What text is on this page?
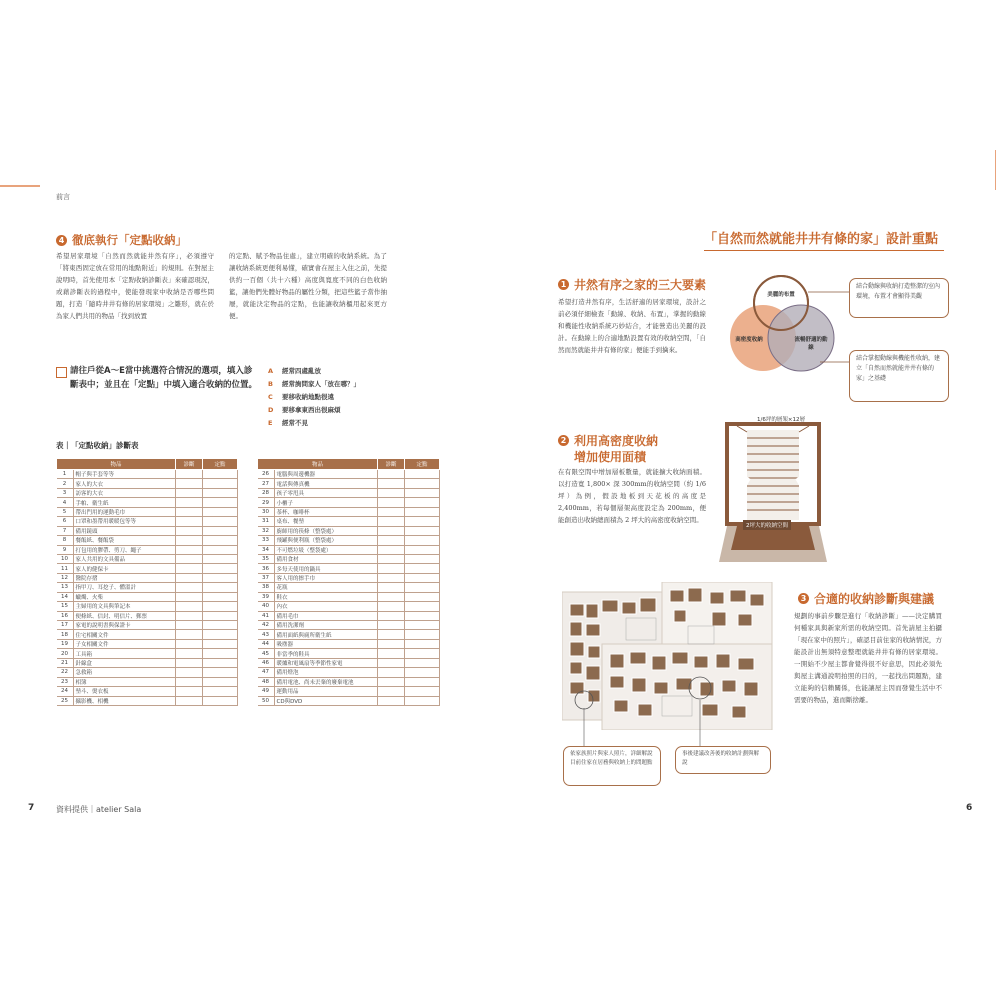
前言
4 徹底執行「定點收納」
希望居家環境「自然而然就能井然有序」，必須遵守「將東西固定放在常用的地點附近」的規則。在對屋主說明時，首先使用本「定點收納診斷表」來確認現況，或藉診斷表的過程中，使能發現家中收納是否哪些問題，打造「隨時井井有條的居家環境」之雛形，就在於為家人們共用的物品「找到放置
的定點、賦予物品住處」，建立明確的收納系統。為了讓收納系統更便利易懂，確實會在屋主入住之前，先提供約一百個（共十六種）高度與寬度不同的白色收納籃，讓他們先體好物品的屬性分類，把這些籃子當作抽屜，就能決定物品的定點，也能讓收納櫃用起來更方便。
請往戶從A～E當中挑選符合情況的選項，填入診斷表中；並且在「定點」中填入適合收納的位置。
A	經常四處亂放
B	經常詢問家人「放在哪？」
C	要移收納地點很遠
D	要移拿東西出很麻煩
E	經常不見
表｜「定點收納」診斷表
物品		診斷	定點
1	帽子與手套等等		
2	家人的大衣		
3	訪客的大衣		
4	手帕、衛生紙		
5	帶出門用的運動毛巾		
6	口罩和墨帶用暖暖包等等		
7	備用鏡頭		
8	餐飯紙、餐飯袋		
9	打包用的膠帶、剪刀、繩子		
10	家人共用的文具備品		
11	家人的健保卡		
12	醫院存摺		
13	指甲刀、耳挖子、體溫計		
14	蠟燭、火柴		
15	主婦用的文具與筆記本		
16	便條紙、信封、明信片、郵票		
17	家電的說明書與保證卡		
18	住宅相關文件		
19	子女相關文件		
20	工具箱		
21	針線盒		
22	急救箱		
23	相簿		
24	墊斗、燙衣板		
25	攝影機、相機		
物品		診斷	定點
26	電腦與周邊機器		
27	電話與傳真機		
28	孩子零甩具		
29	小櫃子		
30	茶杯、咖啡杯		
31	桌布、餐墊		
32	廚師用的筷條（整袋處）		
33	飛罐與便利瓶（整袋處）		
34	不可燃垃圾（整袋處）		
35	備用食材		
36	多每天使用的鍋具		
37	客人用的擦手巾		
38	花瓶		
39	鞋衣		
40	內衣		
41	備用毛巾		
42	備用洗潔劑		
43	備用面紙與廁所衛生紙		
44	吸塵器		
45	非當季的鞋具		
46	暖爐和電風扇等季節性家電		
47	備用燈泡		
48	備用電池、尚未丟棄的廢棄電池		
49	運動用品		
50	CD與DVD		
7	資料提供｜atelier Sala
「自然而然就能井井有條的家」設計重點
1 井然有序之家的三大要素
希望打造井然有序，生活舒適的居家環境，設計之前必須仔細檢查「動線、收納、布置」，掌握的動線和機能性收納系統巧妙結合，才能營造出美麗的設計。在動線上的合適地點設置有效的收納空間，「自然而然就能井井有條的家」便能手到擒來。
美麗的布置
高密度收納	流暢舒適的動線
結合動線與收納打造整潔的室內環境，布置才會顯得美觀
結合掌握動線與機能性收納，建立「自然而然就能井井有條的家」之基礎
2 利用高密度收納
增加使用面積
在有限空間中增加層板數量，就能擴大收納面積。以打造寬 1,800× 深 300mm的收納空間（約 1/6 坪）為例，假設地板到天花板的高度是 2,400mm，若每個層架高度設定為 200mm，便能創造出收納總面積為 2 坪大的高密度收納空間。
1/6坪的層架×12層
2坪大的收納空間
3 合適的收納診斷與建議
規劃的事前步驟是進行「收納診斷」——決定購買何種家具與新家所需的收納空間。首先請屋主拍攝「現在家中的照片」，確認目前住家的收納情況，方能設計出無須特意整理就能井井有條的居家環境。一開始不少屋主都會覺得很不好意思，因此必須先與屋主溝通說明拍照的目的，一起找出問題點，建立能夠的信賴關係，也能讓屋主因而發覺生活中不需要的物品，進而斷捨離。
依家族照片與家人照片，詳細解說目前住家在居務與收納上的問題點
事後建議改善後的收納計劃與解說
6
